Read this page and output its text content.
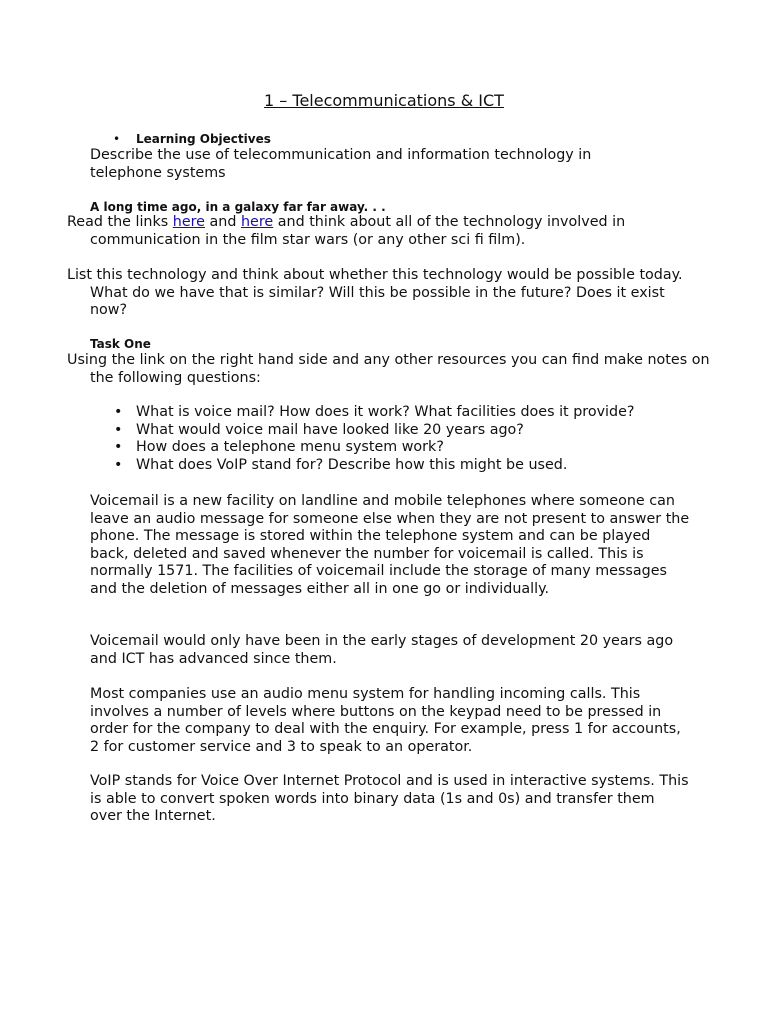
1 – Telecommunications & ICT
• Learning Objectives
Describe the use of telecommunication and information technology in telephone systems
A long time ago, in a galaxy far far away. . .
Read the links here and here and think about all of the technology involved in communication in the film star wars (or any other sci fi film).
List this technology and think about whether this technology would be possible today. What do we have that is similar? Will this be possible in the future? Does it exist now?
Task One
Using the link on the right hand side and any other resources you can find make notes on the following questions:
• What is voice mail? How does it work? What facilities does it provide?
• What would voice mail have looked like 20 years ago?
• How does a telephone menu system work?
• What does VoIP stand for? Describe how this might be used.
Voicemail is a new facility on landline and mobile telephones where someone can leave an audio message for someone else when they are not present to answer the phone. The message is stored within the telephone system and can be played back, deleted and saved whenever the number for voicemail is called. This is normally 1571. The facilities of voicemail include the storage of many messages and the deletion of messages either all in one go or individually.
Voicemail would only have been in the early stages of development 20 years ago and ICT has advanced since them.
Most companies use an audio menu system for handling incoming calls. This involves a number of levels where buttons on the keypad need to be pressed in order for the company to deal with the enquiry. For example, press 1 for accounts, 2 for customer service and 3 to speak to an operator.
VoIP stands for Voice Over Internet Protocol and is used in interactive systems. This is able to convert spoken words into binary data (1s and 0s) and transfer them over the Internet.
